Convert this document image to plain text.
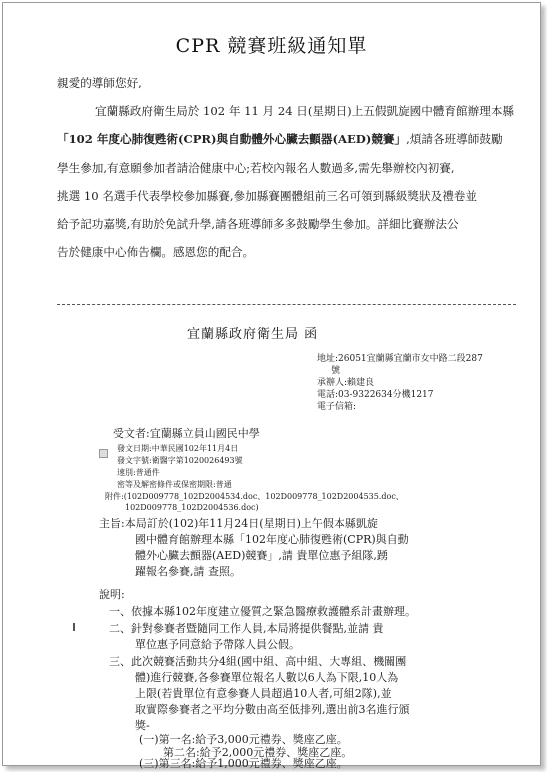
CPR 競賽班級通知單
親愛的導師您好,
宜蘭縣政府衛生局於 102 年 11 月 24 日(星期日)上五假凱旋國中體育館辦理本縣
「102 年度心肺復甦術(CPR)與自動體外心臟去顫器(AED)競賽」,煩請各班導師鼓勵
學生參加,有意願參加者請洽健康中心;若校內報名人數過多,需先舉辦校內初賽,
挑選 10 名選手代表學校參加縣賽,參加縣賽團體組前三名可領到縣級獎狀及禮卷並
給予記功嘉獎,有助於免試升學,請各班導師多多鼓勵學生參加。詳細比賽辦法公
告於健康中心佈告欄。感恩您的配合。
宜蘭縣政府衛生局 函
地址:26051宜蘭縣宜蘭市女中路二段287
號
承辦人:賴建良
電話:03-9322634分機1217
電子信箱:
受文者:宜蘭縣立員山國民中學
發文日期:中華民國102年11月4日
發文字號:衛醫字第1020026493號
速別:普通件
密等及解密條件或保密期限:普通
附件:(102D009778_102D2004534.doc、102D009778_102D2004535.doc、
102D009778_102D2004536.doc)
主旨:本局訂於(102)年11月24日(星期日)上午假本縣凱旋
國中體育館辦理本縣「102年度心肺復甦術(CPR)與自動
體外心臟去顫器(AED)競賽」,請 貴單位惠予組隊,踴
躍報名參賽,請 查照。
說明:
一、依據本縣102年度建立優質之緊急醫療救護體系計畫辦理。
二、針對參賽者暨隨同工作人員,本局將提供餐點,並請 貴
單位惠予同意給予帶隊人員公假。
三、此次競賽活動共分4組(國中組、高中組、大專組、機關團
體)進行競賽,各參賽單位報名人數以6人為下限,10人為
上限(若貴單位有意參賽人員超過10人者,可組2隊),並
取實際參賽者之平均分數由高至低排列,選出前3名進行頒
獎-
(一)第一名:給予3,000元禮券、獎座乙座。
第二名:給予2,000元禮券、獎座乙座。
(三)第三名:給予1,000元禮券、獎座乙座。
